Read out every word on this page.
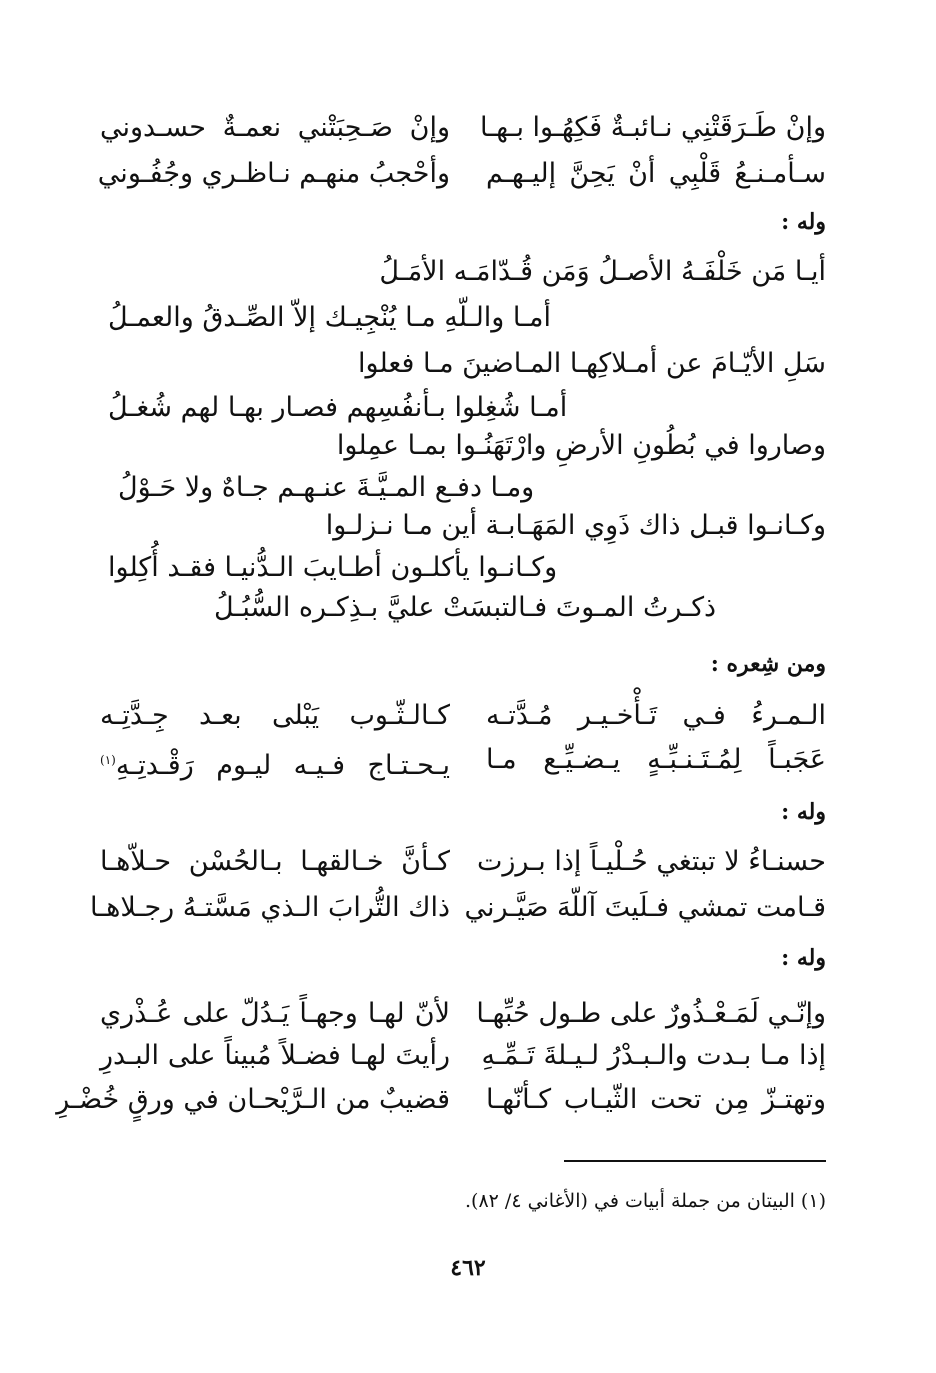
وإنْ طَـرَقَتْنِي نـائبـةٌ فَكِهُـوا بـهـا
وإنْ صَـحِبَتْني نعمـةٌ حسـدوني
سـأمـنـعُ قَلْبِي أنْ يَحِنَّ إليـهـم
وأحْجبُ منهـم نـاظـري وجُفُـوني
وله :
أيـا مَن خَلْفَـهُ الأصـلُ وَمَن قُـدّامَـه الأمَـلُ
أمـا والـلّهِ مـا يُنْجِيـك إلاّ الصِّـدقُ والعمـلُ
سَلِ الأيّـامَ عن أمـلاكِهـا المـاضينَ مـا فعلوا
أمـا شُغِلوا بـأنفُسِهم فصـار بهـا لهم شُغـلُ
وصاروا في بُطُونِ الأرضِ وارْتَهَنُـوا بمـا عمِلوا
ومـا دفـع المـيَّـةَ عنـهـم جـاهٌ ولا حَـوْلُ
وكـانـوا قبـل ذاك ذَوِي المَهَـابـة أين مـا نـزلـوا
وكـانـوا يأكلـون أطـايبَ الـدُّنيـا فقـد أُكِلوا
ذكـرتُ المـوتَ فـالتبسَتْ عليَّ بـذِكـره السُّبُـلُ
ومن شِعره :
الـمـرءُ فـي تَـأْخـيـر مُـدَّتـه
كـالـثّـوب يَبْلى بعـد جِـدَّتِـه
عَجَبـاً لِمُـتَـنـبِّـهٍ يـضـيِّـع مـا
يـحـتـاج فـيـه ليـوم رَقْـدتِـهِ$^{(١)}$
وله :
حسنـاءُ لا تبتغي حُـلْيـاً إذا بـرزت
كـأنَّ خـالقهـا بـالحُسْن حـلاّهـا
قـامت تمشي فـلَيتَ آللّهَ صَيَّـرني
ذاك التُّرابَ الـذي مَسَّتـهُ رجـلاهـا
وله :
وإنّـي لَمَـعْـذُورٌ على طـول حُبِّهـا
لأنّ لهـا وجهـاً يَـدُلّ على عُـذْري
إذا مـا بـدت والـبـدْرُ لـيـلةَ تَـمِّـهِ
رأيتَ لهـا فضـلاً مُبيناً على البـدرِ
وتهتـزّ مِن تحت الثّيـاب كـأنّهـا
قضيبٌ من الـرَّيْحـان في ورقٍ خُضْـرِ
(١) البيتان من جملة أبيات في (الأغاني ٤/ ٨٢).
٤٦٢
